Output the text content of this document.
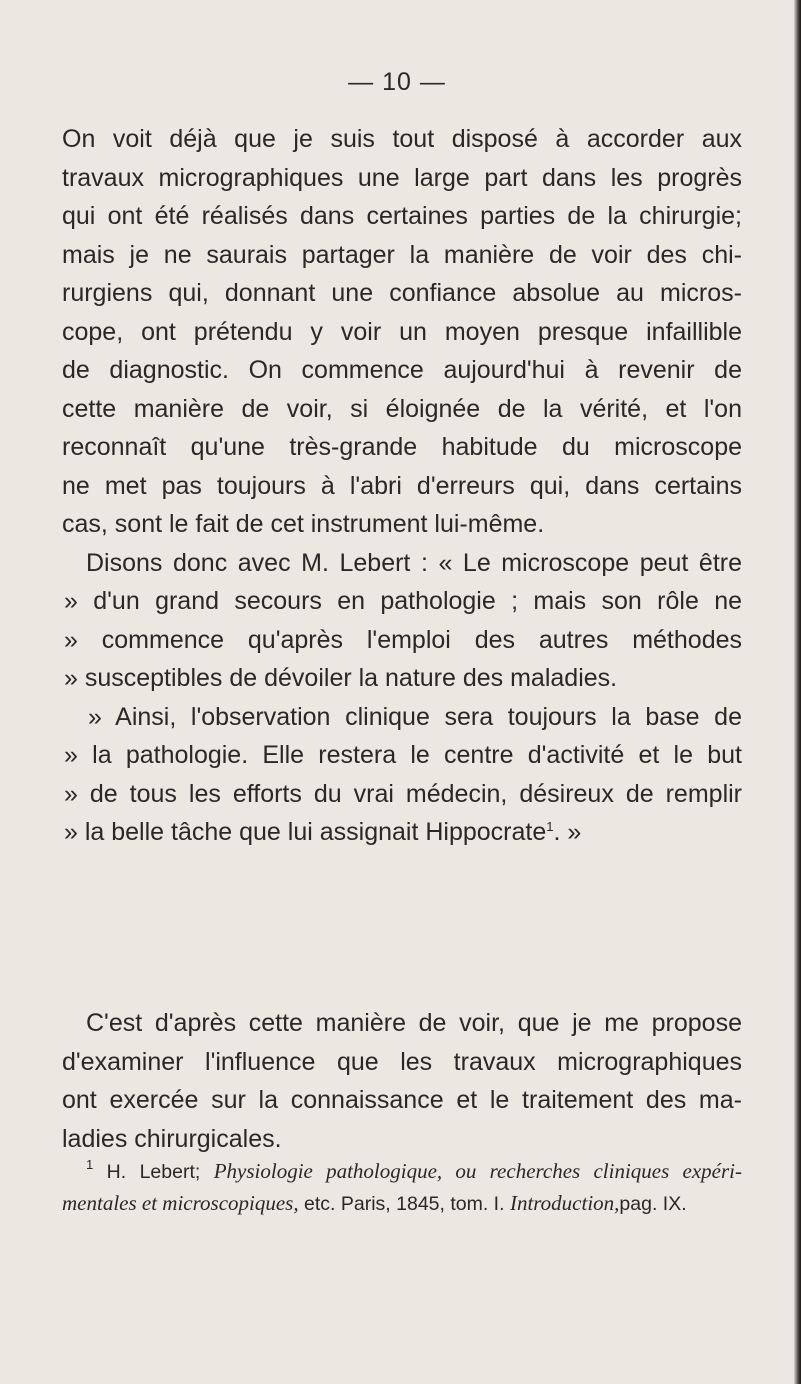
— 10 —
On voit déjà que je suis tout disposé à accorder aux
travaux micrographiques une large part dans les progrès
qui ont été réalisés dans certaines parties de la chirurgie;
mais je ne saurais partager la manière de voir des chi-
rurgiens qui, donnant une confiance absolue au micros-
cope, ont prétendu y voir un moyen presque infaillible
de diagnostic. On commence aujourd'hui à revenir de
cette manière de voir, si éloignée de la vérité, et l'on
reconnaît qu'une très-grande habitude du microscope
ne met pas toujours à l'abri d'erreurs qui, dans certains
cas, sont le fait de cet instrument lui-même.
Disons donc avec M. Lebert : « Le microscope peut être
» d'un grand secours en pathologie ; mais son rôle ne
» commence qu'après l'emploi des autres méthodes
» susceptibles de dévoiler la nature des maladies.
» Ainsi, l'observation clinique sera toujours la base de
» la pathologie. Elle restera le centre d'activité et le but
» de tous les efforts du vrai médecin, désireux de remplir
» la belle tâche que lui assignait Hippocrate$^1$. »
C'est d'après cette manière de voir, que je me propose
d'examiner l'influence que les travaux micrographiques
ont exercée sur la connaissance et le traitement des ma-
ladies chirurgicales.
$^1$ H. Lebert; Physiologie pathologique, ou recherches cliniques expéri-
mentales et microscopiques, etc. Paris, 1845, tom. I. Introduction,pag. IX.
